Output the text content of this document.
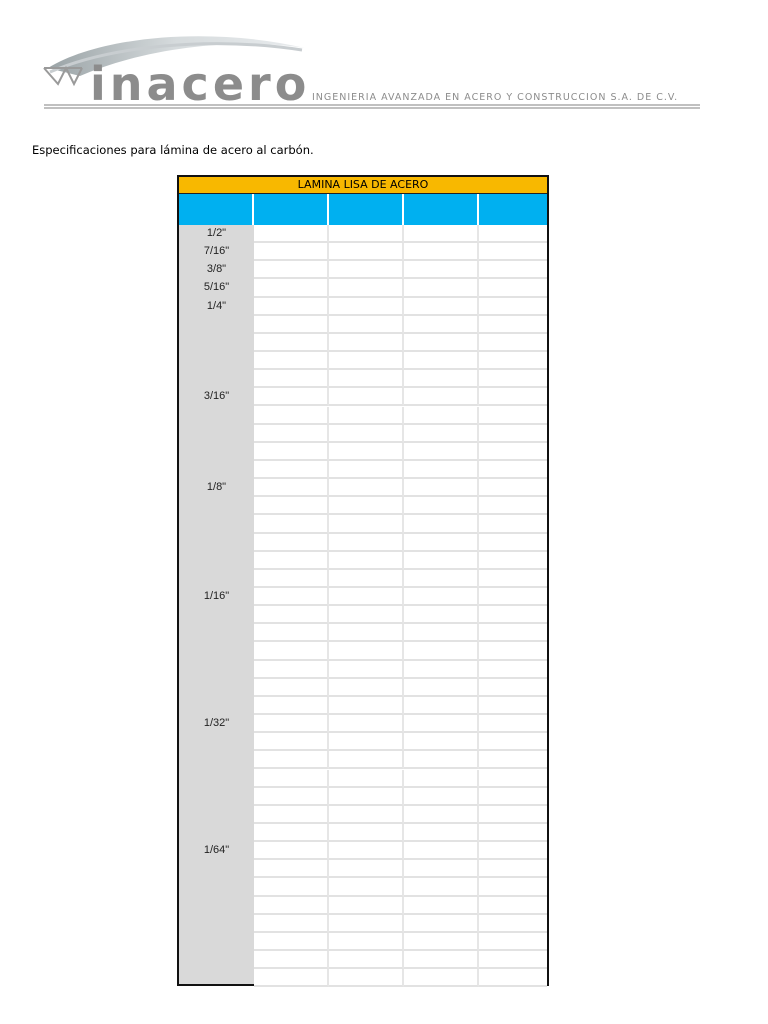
inacero INGENIERIA AVANZADA EN ACERO Y CONSTRUCCION S.A. DE C.V.
Especificaciones para lámina de acero al carbón.
LAMINA LISA DE ACERO
1/2"
7/16"
3/8"
5/16"
1/4"
3/16"
1/8"
1/16"
1/32"
1/64"
